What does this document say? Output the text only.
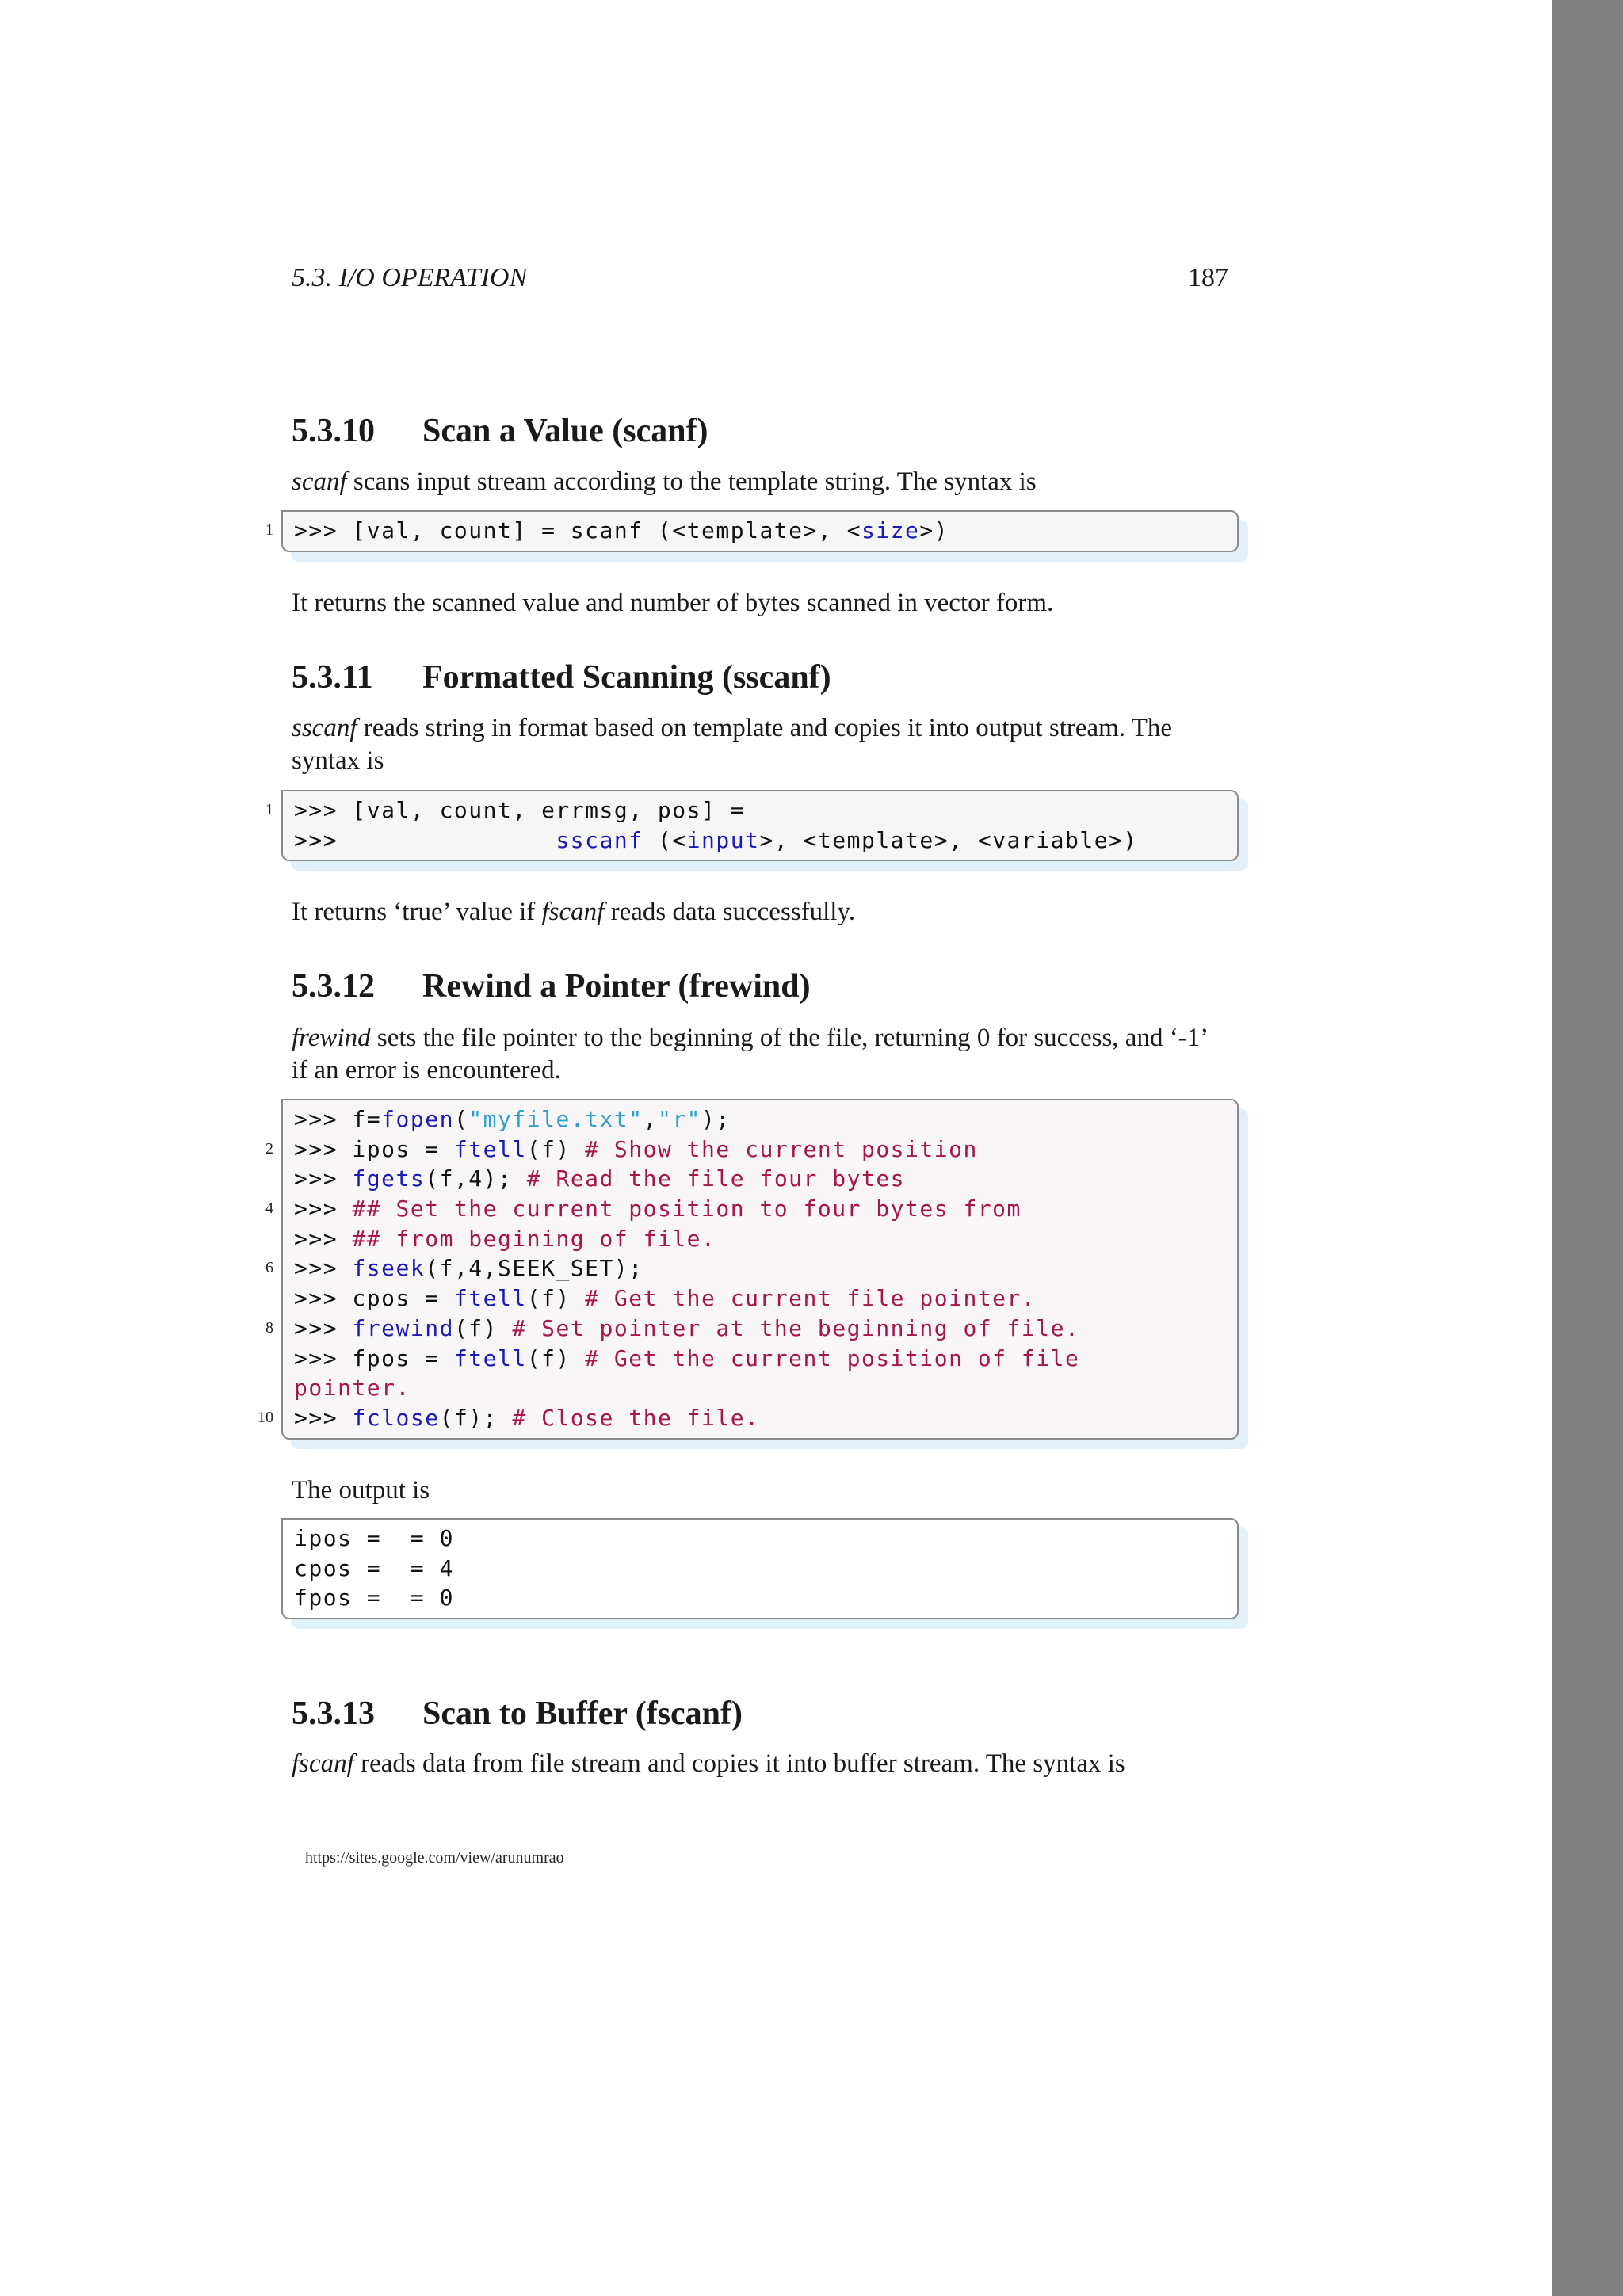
5.3. I/O OPERATION	187
5.3.10 Scan a Value (scanf)
scanf scans input stream according to the template string. The syntax is
1 >>> [val, count] = scanf (<template>, <size>)
It returns the scanned value and number of bytes scanned in vector form.
5.3.11 Formatted Scanning (sscanf)
sscanf reads string in format based on template and copies it into output stream. The syntax is
1 >>> [val, count, errmsg, pos] =
>>>               sscanf (<input>, <template>, <variable>)
It returns ‘true’ value if fscanf reads data successfully.
5.3.12 Rewind a Pointer (frewind)
frewind sets the file pointer to the beginning of the file, returning 0 for success, and ‘-1’ if an error is encountered.
>>> f=fopen("myfile.txt","r");
2 >>> ipos = ftell(f) # Show the current position
>>> fgets(f,4); # Read the file four bytes
4 >>> ## Set the current position to four bytes from
>>> ## from begining of file.
6 >>> fseek(f,4,SEEK_SET);
>>> cpos = ftell(f) # Get the current file pointer.
8 >>> frewind(f) # Set pointer at the beginning of file.
>>> fpos = ftell(f) # Get the current position of file
pointer.
10 >>> fclose(f); # Close the file.
The output is
ipos =  = 0
cpos =  = 4
fpos =  = 0
5.3.13 Scan to Buffer (fscanf)
fscanf reads data from file stream and copies it into buffer stream. The syntax is
https://sites.google.com/view/arunumrao
